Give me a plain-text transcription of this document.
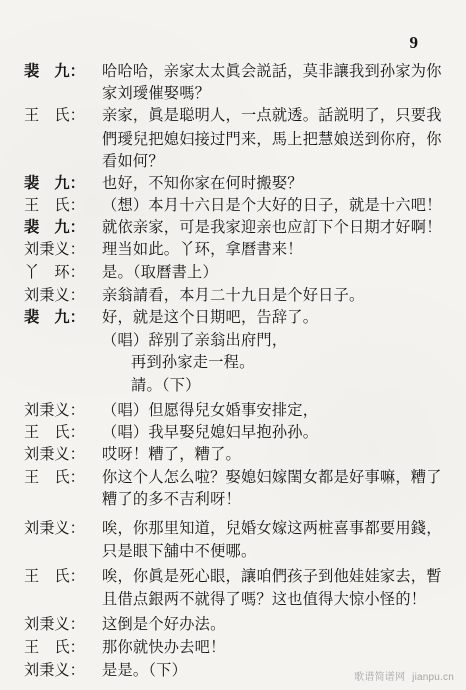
9
裴　九：	哈哈哈，亲家太太眞会説話，莫非讓我到孙家为你
家刘璦催娶嗎？
王　氏：	亲家，眞是聪明人，一点就透。話説明了，只要我
們璦兒把媳妇接过門来，馬上把慧娘送到你府，你
看如何？
裴　九：	也好，不知你家在何时搬娶？
王　氏：	（想）本月十六日是个大好的日子，就是十六吧！
裴　九：	就依亲家，可是我家迎亲也应訂下个日期才好啊！
刘秉义：	理当如此。丫环，拿曆書来！
丫　环：	是。（取曆書上）
刘秉义：	亲翁請看，本月二十九日是个好日子。
裴　九：	好，就是这个日期吧，告辞了。
（唱）辞别了亲翁出府門，
再到孙家走一程。
請。（下）
刘秉义：	（唱）但愿得兒女婚事安排定，
王　氏：	（唱）我早娶兒媳妇早抱孙孙。
刘秉义：	哎呀！糟了，糟了。
王　氏：	你这个人怎么啦？娶媳妇嫁閨女都是好事嘛，糟了
糟了的多不吉利呀！
刘秉义：	唉，你那里知道，兒婚女嫁这两桩喜事都要用錢，
只是眼下舖中不便哪。
王　氏：	唉，你眞是死心眼，讓咱們孩子到他娃娃家去，暫
且借点銀两不就得了嗎？这也值得大惊小怪的！
刘秉义：	这倒是个好办法。
王　氏：	那你就快办去吧！
刘秉义：	是是。（下）	歌谱简谱网 jianpu.cn
